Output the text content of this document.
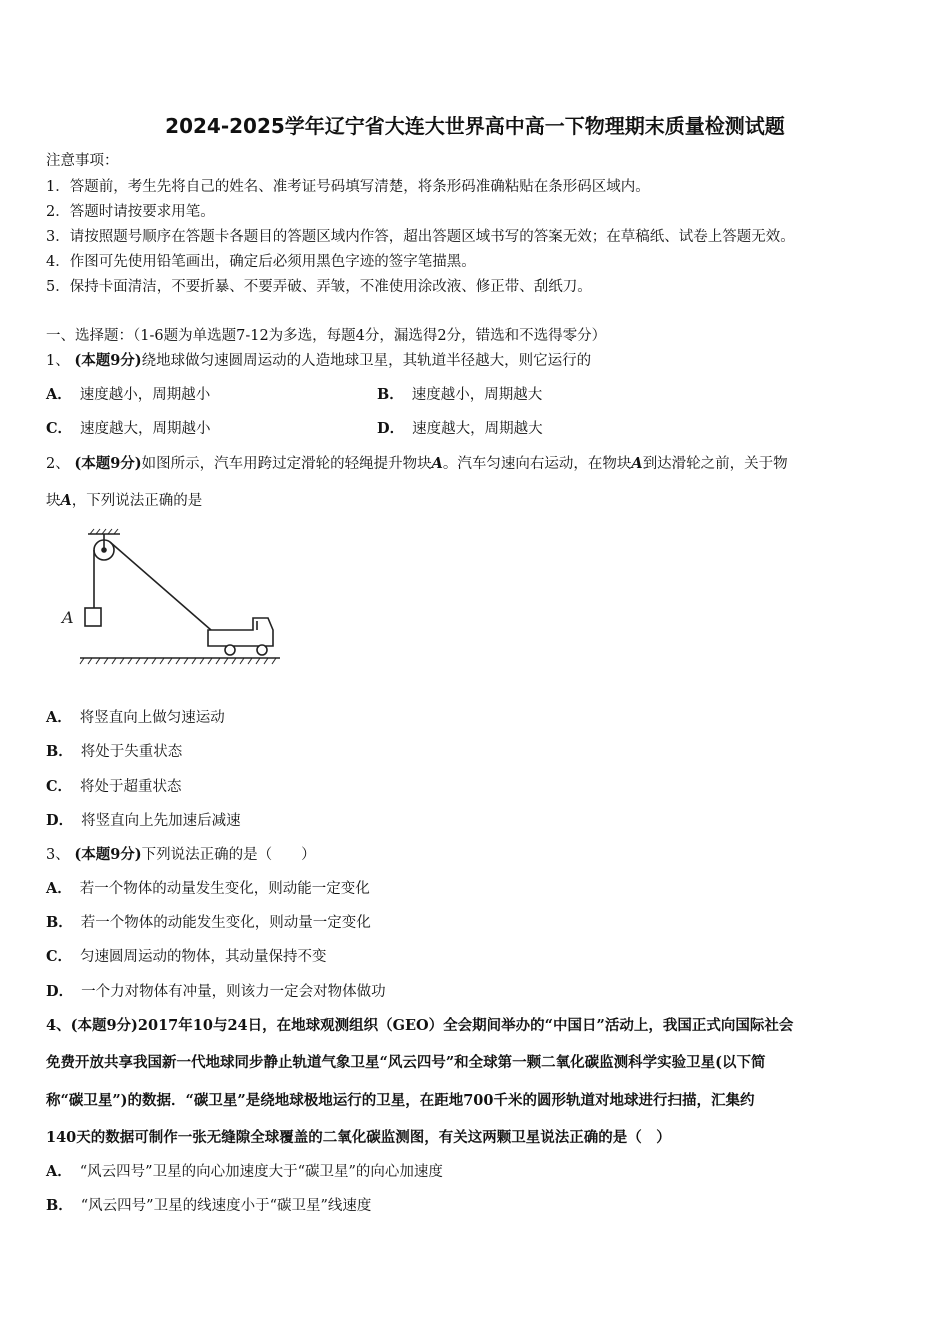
2024-2025学年辽宁省大连大世界高中高一下物理期末质量检测试题
注意事项：
1．答题前，考生先将自己的姓名、准考证号码填写清楚，将条形码准确粘贴在条形码区域内。
2．答题时请按要求用笔。
3．请按照题号顺序在答题卡各题目的答题区域内作答，超出答题区域书写的答案无效；在草稿纸、试卷上答题无效。
4．作图可先使用铅笔画出，确定后必须用黑色字迹的签字笔描黑。
5．保持卡面清洁，不要折暴、不要弄破、弄皱，不准使用涂改液、修正带、刮纸刀。
一、选择题：（1-6题为单选题7-12为多选，每题4分，漏选得2分，错选和不选得零分）
1、 (本题9分)绕地球做匀速圆周运动的人造地球卫星，其轨道半径越大，则它运行的
A． 速度越小，周期越小	B． 速度越小，周期越大
C． 速度越大，周期越小	D． 速度越大，周期越大
2、 (本题9分)如图所示，汽车用跨过定滑轮的轻绳提升物块A。汽车匀速向右运动，在物块A到达滑轮之前，关于物
块A，下列说法正确的是
A
A． 将竖直向上做匀速运动
B． 将处于失重状态
C． 将处于超重状态
D． 将竖直向上先加速后减速
3、 (本题9分)下列说法正确的是（　　）
A． 若一个物体的动量发生变化，则动能一定变化
B． 若一个物体的动能发生变化，则动量一定变化
C． 匀速圆周运动的物体，其动量保持不变
D． 一个力对物体有冲量，则该力一定会对物体做功
4、(本题9分)2017年10与24日，在地球观测组织（GEO）全会期间举办的“中国日”活动上，我国正式向国际社会
免费开放共享我国新一代地球同步静止轨道气象卫星“风云四号”和全球第一颗二氧化碳监测科学实验卫星(以下简
称“碳卫星”)的数据．“碳卫星”是绕地球极地运行的卫星，在距地700千米的圆形轨道对地球进行扫描，汇集约
140天的数据可制作一张无缝隙全球覆盖的二氧化碳监测图，有关这两颗卫星说法正确的是（　）
A． “风云四号”卫星的向心加速度大于“碳卫星”的向心加速度
B． “风云四号”卫星的线速度小于“碳卫星”线速度
